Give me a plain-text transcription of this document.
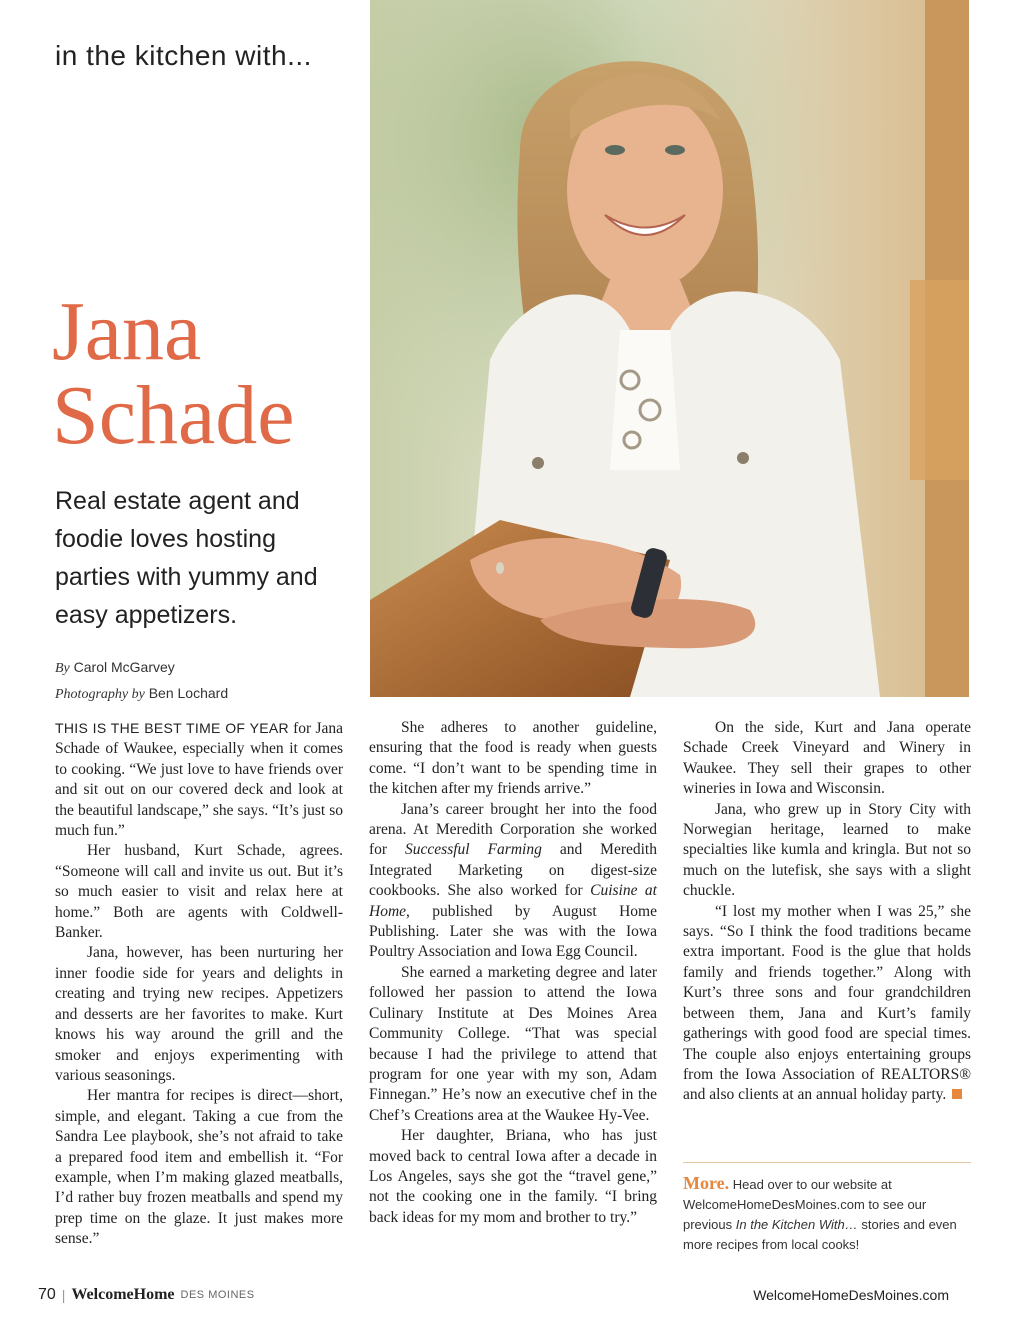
in the kitchen with...
Jana
Schade
Real estate agent and foodie loves hosting parties with yummy and easy appetizers.
By Carol McGarvey
Photography by Ben Lochard

THIS IS THE BEST TIME OF YEAR for Jana Schade of Waukee, especially when it comes to cooking. “We just love to have friends over and sit out on our covered deck and look at the beautiful landscape,” she says. “It’s just so much fun.”

Her husband, Kurt Schade, agrees. “Someone will call and invite us out. But it’s so much easier to visit and relax here at home.” Both are agents with Coldwell-Banker.

Jana, however, has been nurturing her inner foodie side for years and delights in creating and trying new recipes. Appetizers and desserts are her favorites to make. Kurt knows his way around the grill and the smoker and enjoys experimenting with various seasonings.

Her mantra for recipes is direct—short, simple, and elegant. Taking a cue from the Sandra Lee playbook, she’s not afraid to take a prepared food item and embellish it. “For example, when I’m making glazed meatballs, I’d rather buy frozen meatballs and spend my prep time on the glaze. It just makes more sense.”

She adheres to another guideline, ensuring that the food is ready when guests come. “I don’t want to be spending time in the kitchen after my friends arrive.”

Jana’s career brought her into the food arena. At Meredith Corporation she worked for Successful Farming and Meredith Integrated Marketing on digest-size cookbooks. She also worked for Cuisine at Home, published by August Home Publishing. Later she was with the Iowa Poultry Association and Iowa Egg Council.

She earned a marketing degree and later followed her passion to attend the Iowa Culinary Institute at Des Moines Area Community College. “That was special because I had the privilege to attend that program for one year with my son, Adam Finnegan.” He’s now an executive chef in the Chef’s Creations area at the Waukee Hy-Vee.

Her daughter, Briana, who has just moved back to central Iowa after a decade in Los Angeles, says she got the “travel gene,” not the cooking one in the family. “I bring back ideas for my mom and brother to try.”

On the side, Kurt and Jana operate Schade Creek Vineyard and Winery in Waukee. They sell their grapes to other wineries in Iowa and Wisconsin.

Jana, who grew up in Story City with Norwegian heritage, learned to make specialties like kumla and kringla. But not so much on the lutefisk, she says with a slight chuckle.

“I lost my mother when I was 25,” she says. “So I think the food traditions became extra important. Food is the glue that holds family and friends together.” Along with Kurt’s three sons and four grandchildren between them, Jana and Kurt’s family gatherings with good food are special times. The couple also enjoys entertaining groups from the Iowa Association of REALTORS® and also clients at an annual holiday party.

More. Head over to our website at WelcomeHomeDesMoines.com to see our previous In the Kitchen With… stories and even more recipes from local cooks!
70 | WelcomeHome DES MOINES	WelcomeHomeDesMoines.com
